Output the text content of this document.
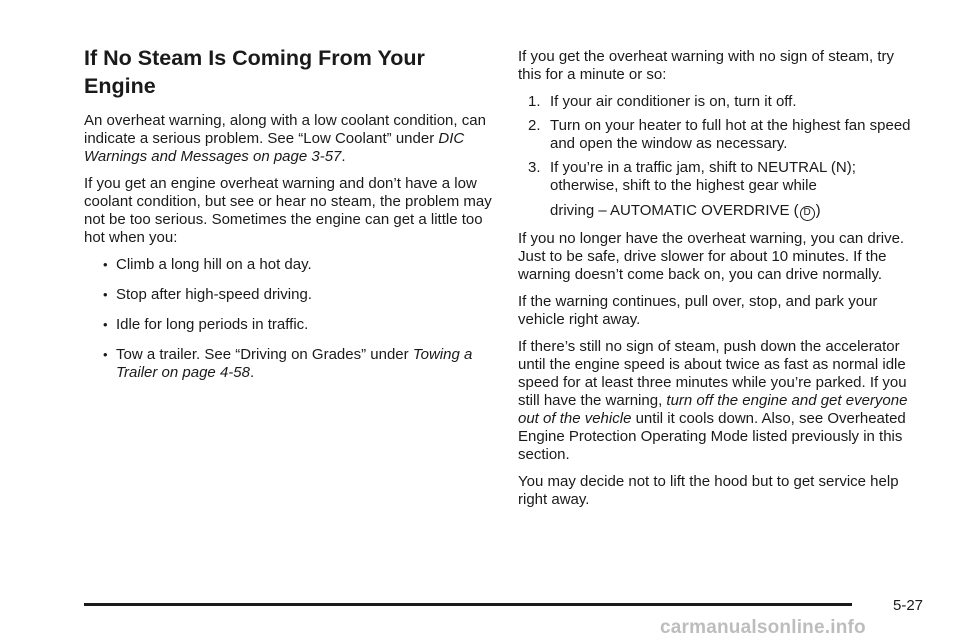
If No Steam Is Coming From Your
Engine

An overheat warning, along with a low coolant condition, can indicate a serious problem. See “Low Coolant” under DIC Warnings and Messages on page 3-57.

If you get an engine overheat warning and don’t have a low coolant condition, but see or hear no steam, the problem may not be too serious. Sometimes the engine can get a little too hot when you:

• Climb a long hill on a hot day.
• Stop after high-speed driving.
• Idle for long periods in traffic.
• Tow a trailer. See “Driving on Grades” under Towing a Trailer on page 4-58.

If you get the overheat warning with no sign of steam, try this for a minute or so:

1. If your air conditioner is on, turn it off.
2. Turn on your heater to full hot at the highest fan speed and open the window as necessary.
3. If you’re in a traffic jam, shift to NEUTRAL (N); otherwise, shift to the highest gear while
driving – AUTOMATIC OVERDRIVE ( D )

If you no longer have the overheat warning, you can drive. Just to be safe, drive slower for about 10 minutes. If the warning doesn’t come back on, you can drive normally.

If the warning continues, pull over, stop, and park your vehicle right away.

If there’s still no sign of steam, push down the accelerator until the engine speed is about twice as fast as normal idle speed for at least three minutes while you’re parked. If you still have the warning, turn off the engine and get everyone out of the vehicle until it cools down. Also, see Overheated Engine Protection Operating Mode listed previously in this section.

You may decide not to lift the hood but to get service help right away.

5-27
carmanualsonline.info
